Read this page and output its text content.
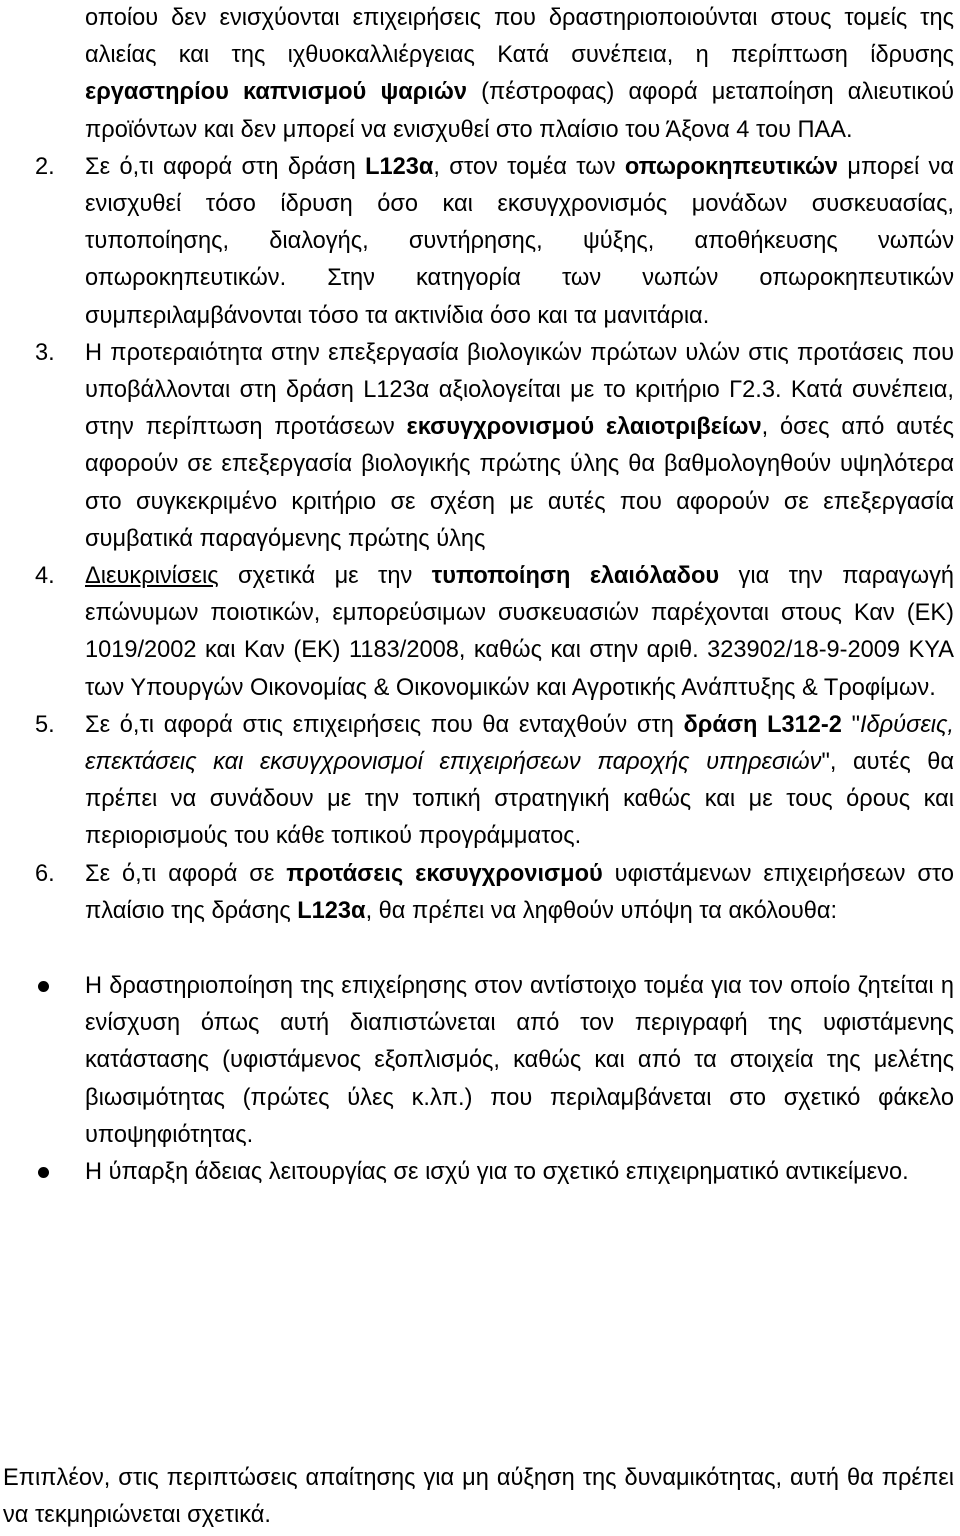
οποίου δεν ενισχύονται επιχειρήσεις που δραστηριοποιούνται στους τομείς της αλιείας και της ιχθυοκαλλιέργειας Κατά συνέπεια, η περίπτωση ίδρυσης εργαστηρίου καπνισμού ψαριών (πέστροφας) αφορά μεταποίηση αλιευτικού προϊόντων και δεν μπορεί να ενισχυθεί στο πλαίσιο του Άξονα 4 του ΠΑΑ.

2.	Σε ό,τι αφορά στη δράση L123α, στον τομέα των οπωροκηπευτικών μπορεί να ενισχυθεί τόσο ίδρυση όσο και εκσυγχρονισμός μονάδων συσκευασίας, τυποποίησης, διαλογής, συντήρησης, ψύξης, αποθήκευσης νωπών οπωροκηπευτικών. Στην κατηγορία των νωπών οπωροκηπευτικών συμπεριλαμβάνονται τόσο τα ακτινίδια όσο και τα μανιτάρια.

3.	Η προτεραιότητα στην επεξεργασία βιολογικών πρώτων υλών στις προτάσεις που υποβάλλονται στη δράση L123α αξιολογείται με το κριτήριο Γ2.3. Κατά συνέπεια, στην περίπτωση προτάσεων εκσυγχρονισμού ελαιοτριβείων, όσες από αυτές αφορούν σε επεξεργασία βιολογικής πρώτης ύλης θα βαθμολογηθούν υψηλότερα στο συγκεκριμένο κριτήριο σε σχέση με αυτές που αφορούν σε επεξεργασία συμβατικά παραγόμενης πρώτης ύλης

4.	Διευκρινίσεις σχετικά με την τυποποίηση ελαιόλαδου για την παραγωγή επώνυμων ποιοτικών, εμπορεύσιμων συσκευασιών παρέχονται στους Καν (ΕΚ) 1019/2002 και Καν (ΕΚ) 1183/2008, καθώς και στην αριθ. 323902/18-9-2009 ΚΥΑ των Υπουργών Οικονομίας & Οικονομικών και Αγροτικής Ανάπτυξης & Τροφίμων.

5.	Σε ό,τι αφορά στις επιχειρήσεις που θα ενταχθούν στη δράση L312-2 "Ιδρύσεις, επεκτάσεις και εκσυγχρονισμοί επιχειρήσεων παροχής υπηρεσιών", αυτές θα πρέπει να συνάδουν με την τοπική στρατηγική καθώς και με τους όρους και περιορισμούς του κάθε τοπικού προγράμματος.

6.	Σε ό,τι αφορά σε προτάσεις εκσυγχρονισμού υφιστάμενων επιχειρήσεων στο πλαίσιο της δράσης L123α, θα πρέπει να ληφθούν υπόψη τα ακόλουθα:

Η δραστηριοποίηση της επιχείρησης στον αντίστοιχο τομέα για τον οποίο ζητείται η ενίσχυση όπως αυτή διαπιστώνεται από τον περιγραφή της υφιστάμενης κατάστασης (υφιστάμενος εξοπλισμός, καθώς και από τα στοιχεία της μελέτης βιωσιμότητας (πρώτες ύλες κ.λπ.) που περιλαμβάνεται στο σχετικό φάκελο υποψηφιότητας.

Η ύπαρξη άδειας λειτουργίας σε ισχύ για το σχετικό επιχειρηματικό αντικείμενο.

Επιπλέον, στις περιπτώσεις απαίτησης για μη αύξηση της δυναμικότητας, αυτή θα πρέπει να τεκμηριώνεται σχετικά.
